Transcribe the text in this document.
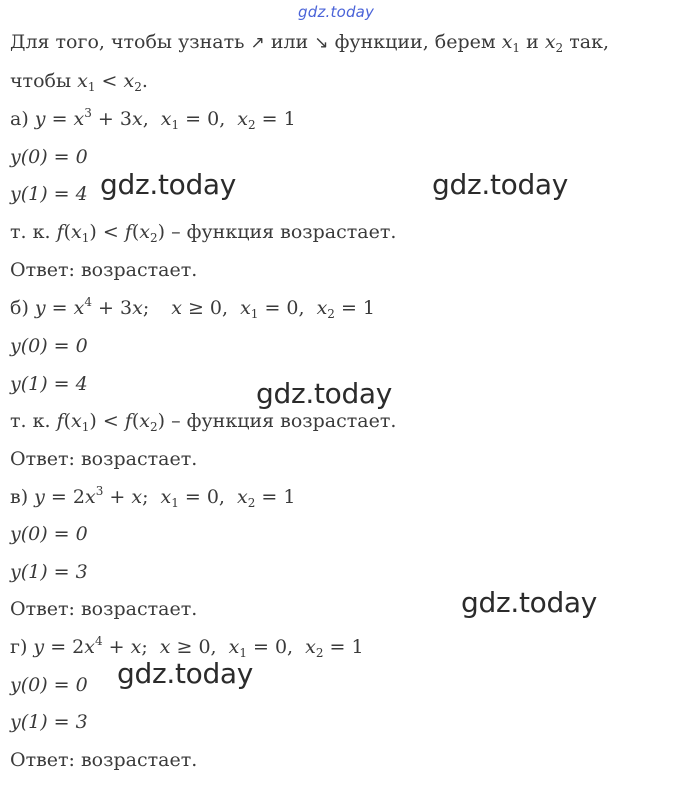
gdz.today
Для того, чтобы узнать ↗ или ↘ функции, берем $x_1$ и $x_2$ так,
чтобы $x_1 < x_2$.
а) $y = x^3 + 3x$, $x_1 = 0$, $x_2 = 1$
y(0) = 0
y(1) = 4
т. к. $f(x_1) < f(x_2)$ – функция возрастает.
Ответ: возрастает.
б) $y = x^4 + 3x$; x ≥ 0, $x_1 = 0$, $x_2 = 1$
y(0) = 0
y(1) = 4
т. к. $f(x_1) < f(x_2)$ – функция возрастает.
Ответ: возрастает.
в) $y = 2x^3 + x$; $x_1 = 0$, $x_2 = 1$
y(0) = 0
y(1) = 3
Ответ: возрастает.
г) $y = 2x^4 + x$; x ≥ 0, $x_1 = 0$, $x_2 = 1$
y(0) = 0
y(1) = 3
Ответ: возрастает.
gdz.today	gdz.today
gdz.today
gdz.today
gdz.today
